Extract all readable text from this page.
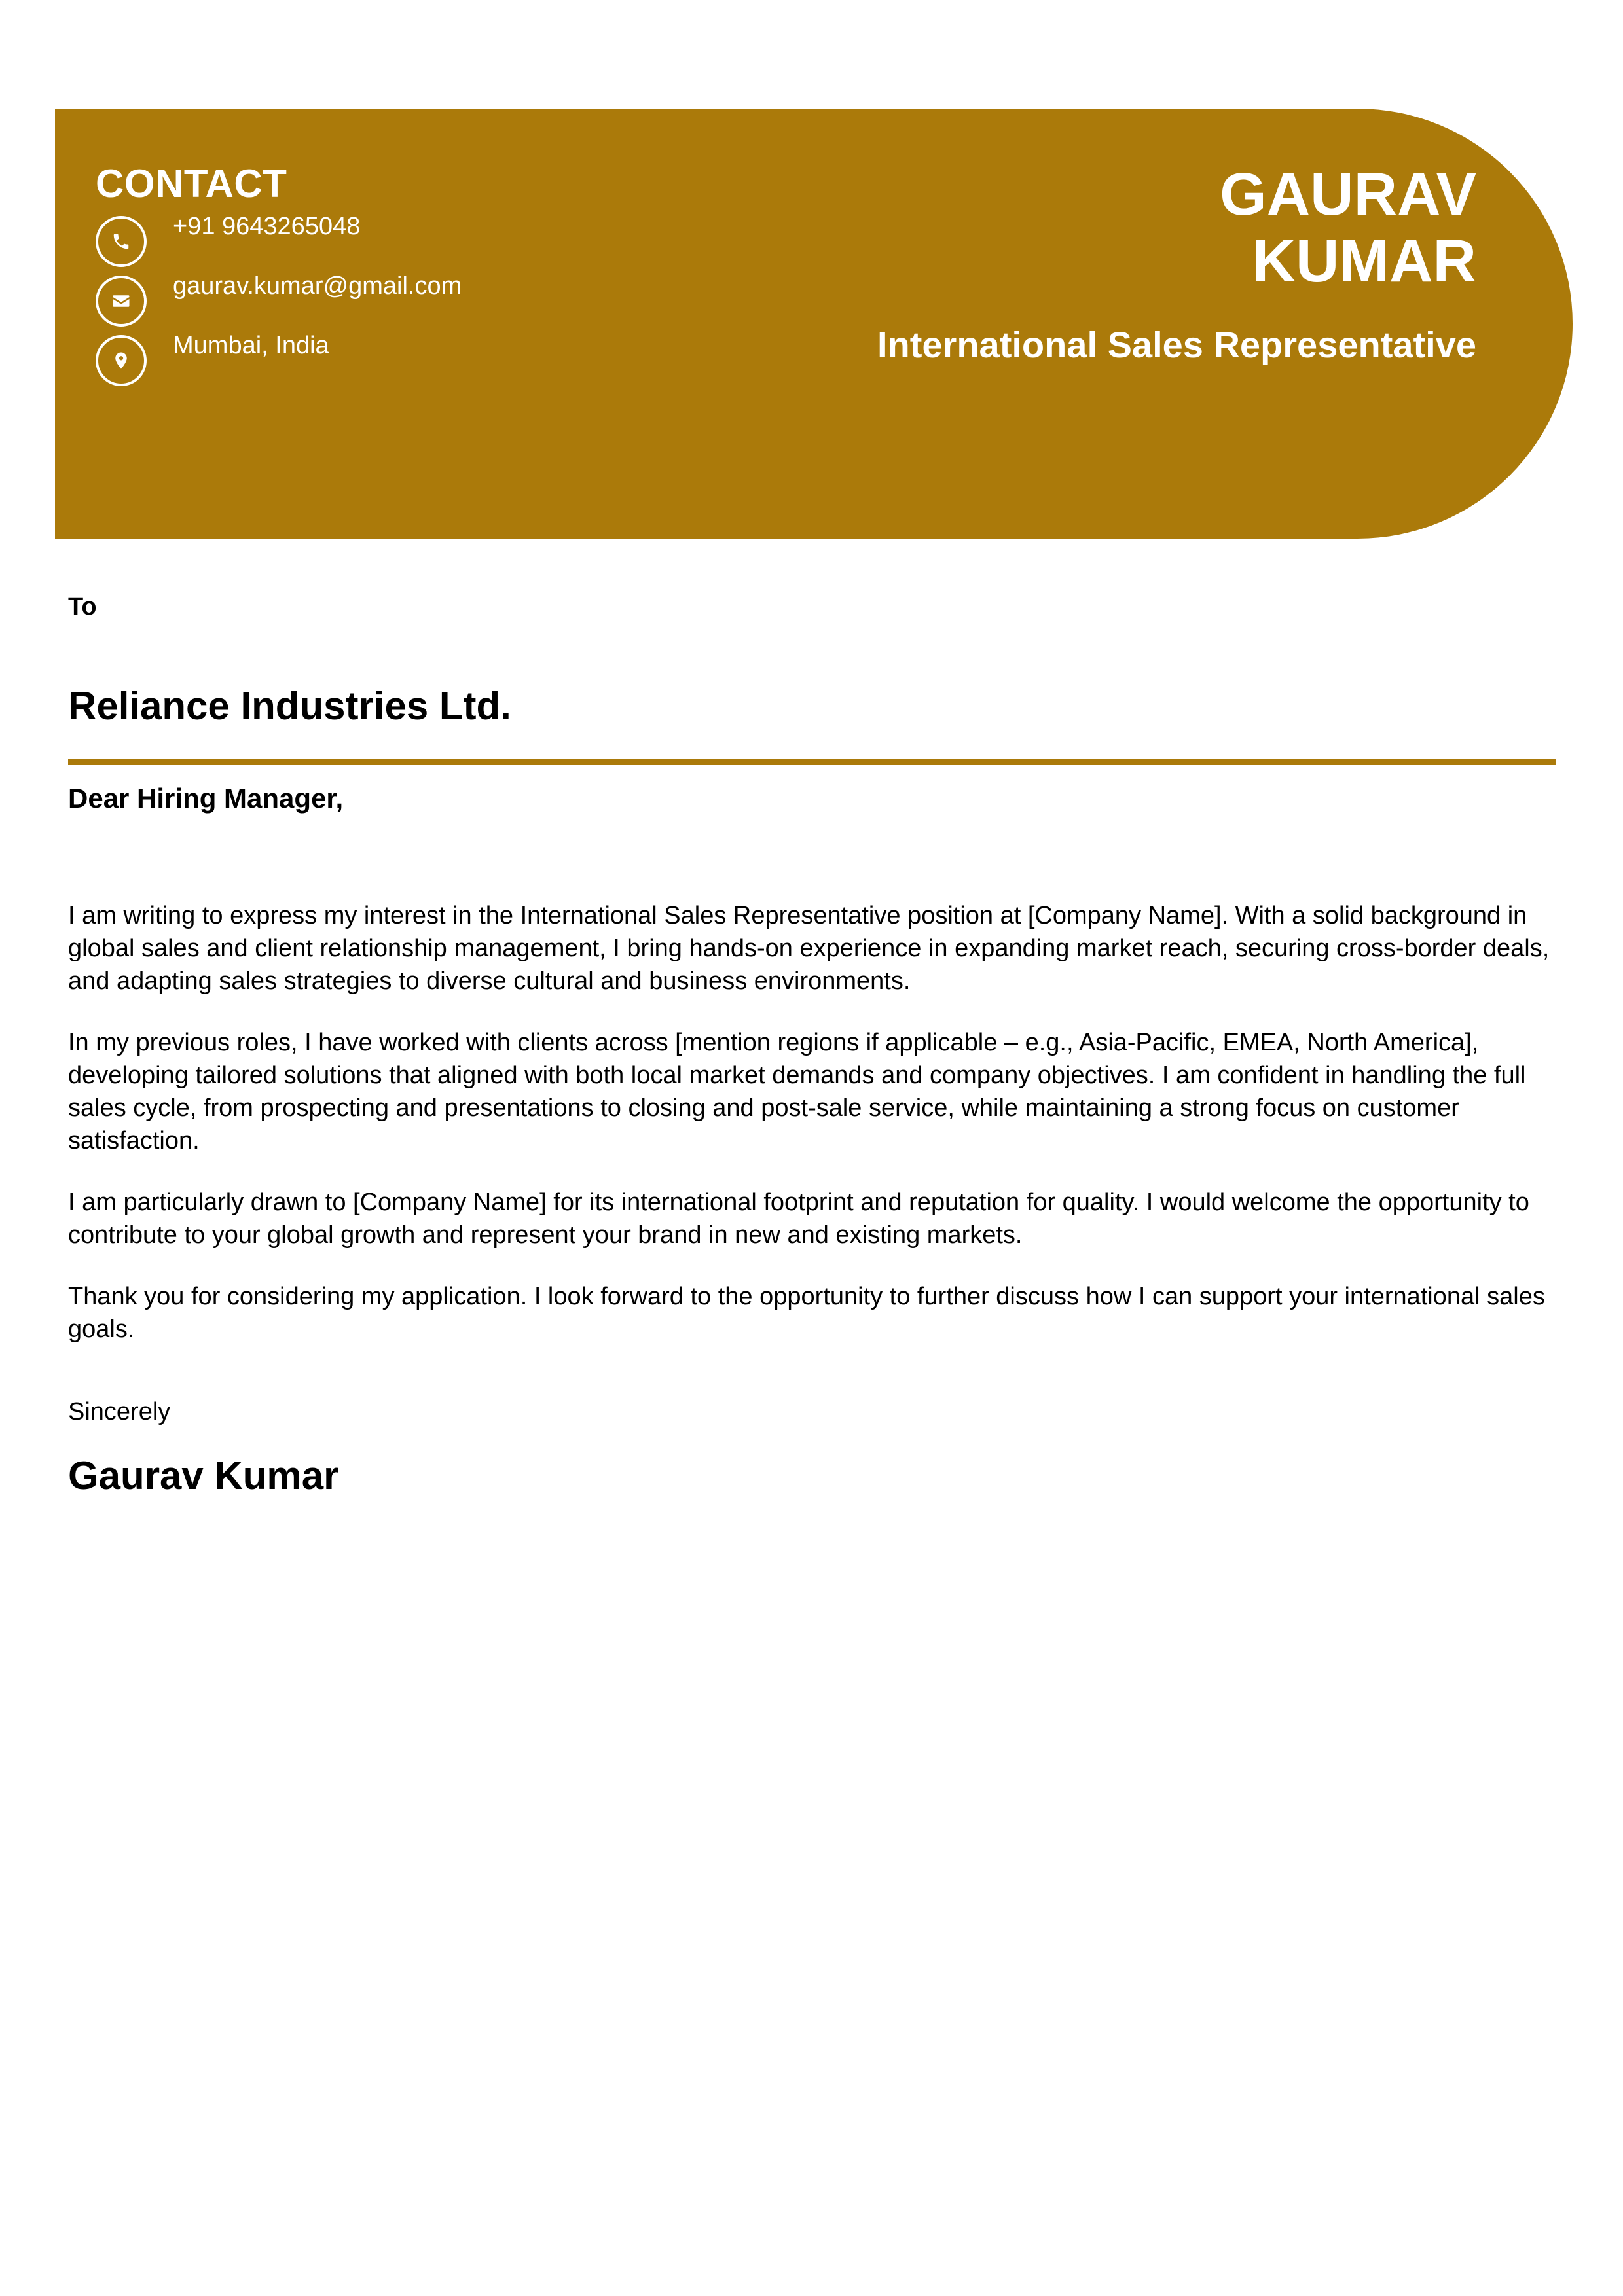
CONTACT
+91 9643265048
gaurav.kumar@gmail.com
Mumbai, India
GAURAV
KUMAR
International Sales Representative
To
Reliance Industries Ltd.
Dear Hiring Manager,

I am writing to express my interest in the International Sales Representative position at [Company Name]. With a solid background in global sales and client relationship management, I bring hands-on experience in expanding market reach, securing cross-border deals, and adapting sales strategies to diverse cultural and business environments.

In my previous roles, I have worked with clients across [mention regions if applicable – e.g., Asia-Pacific, EMEA, North America], developing tailored solutions that aligned with both local market demands and company objectives. I am confident in handling the full sales cycle, from prospecting and presentations to closing and post-sale service, while maintaining a strong focus on customer satisfaction.

I am particularly drawn to [Company Name] for its international footprint and reputation for quality. I would welcome the opportunity to contribute to your global growth and represent your brand in new and existing markets.

Thank you for considering my application. I look forward to the opportunity to further discuss how I can support your international sales goals.

Sincerely
Gaurav Kumar
